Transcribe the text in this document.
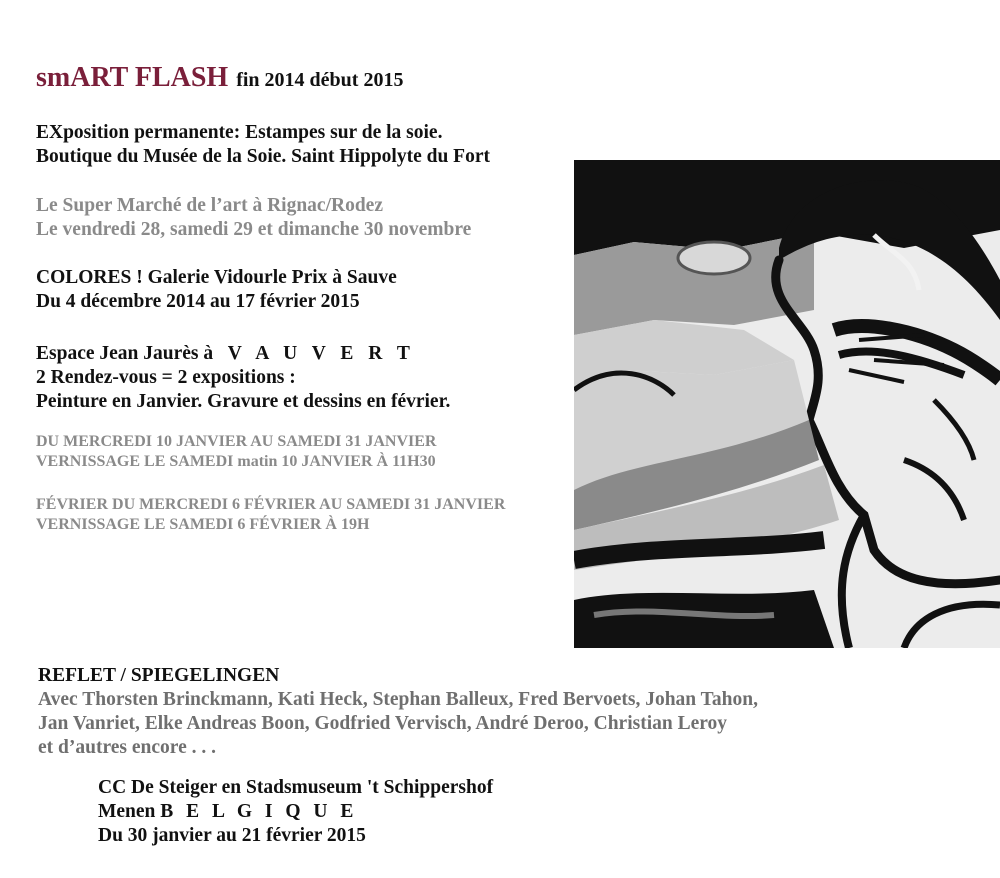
smART FLASH fin 2014 début 2015
EXposition permanente: Estampes sur de la soie.
Boutique du Musée de la Soie. Saint Hippolyte du Fort
Le Super Marché de l’art à Rignac/Rodez
Le vendredi 28, samedi 29 et dimanche 30 novembre
COLORES ! Galerie Vidourle Prix à Sauve
Du 4 décembre 2014 au 17 février 2015
Espace Jean Jaurès à V A U V E R T
2 Rendez-vous = 2 expositions :
Peinture en Janvier. Gravure et dessins en février.
DU MERCREDI 10 JANVIER AU SAMEDI 31 JANVIER
VERNISSAGE LE SAMEDI matin 10 JANVIER À 11H30
FÉVRIER DU MERCREDI 6 FÉVRIER AU SAMEDI 31 JANVIER
VERNISSAGE LE SAMEDI 6 FÉVRIER À 19H
REFLET / SPIEGELINGEN
Avec Thorsten Brinckmann, Kati Heck, Stephan Balleux, Fred Bervoets, Johan Tahon,
Jan Vanriet, Elke Andreas Boon, Godfried Vervisch, André Deroo, Christian Leroy
et d’autres encore . . .
CC De Steiger en Stadsmuseum 't Schippershof
Menen B E L G I Q U E
Du 30 janvier au 21 février 2015
